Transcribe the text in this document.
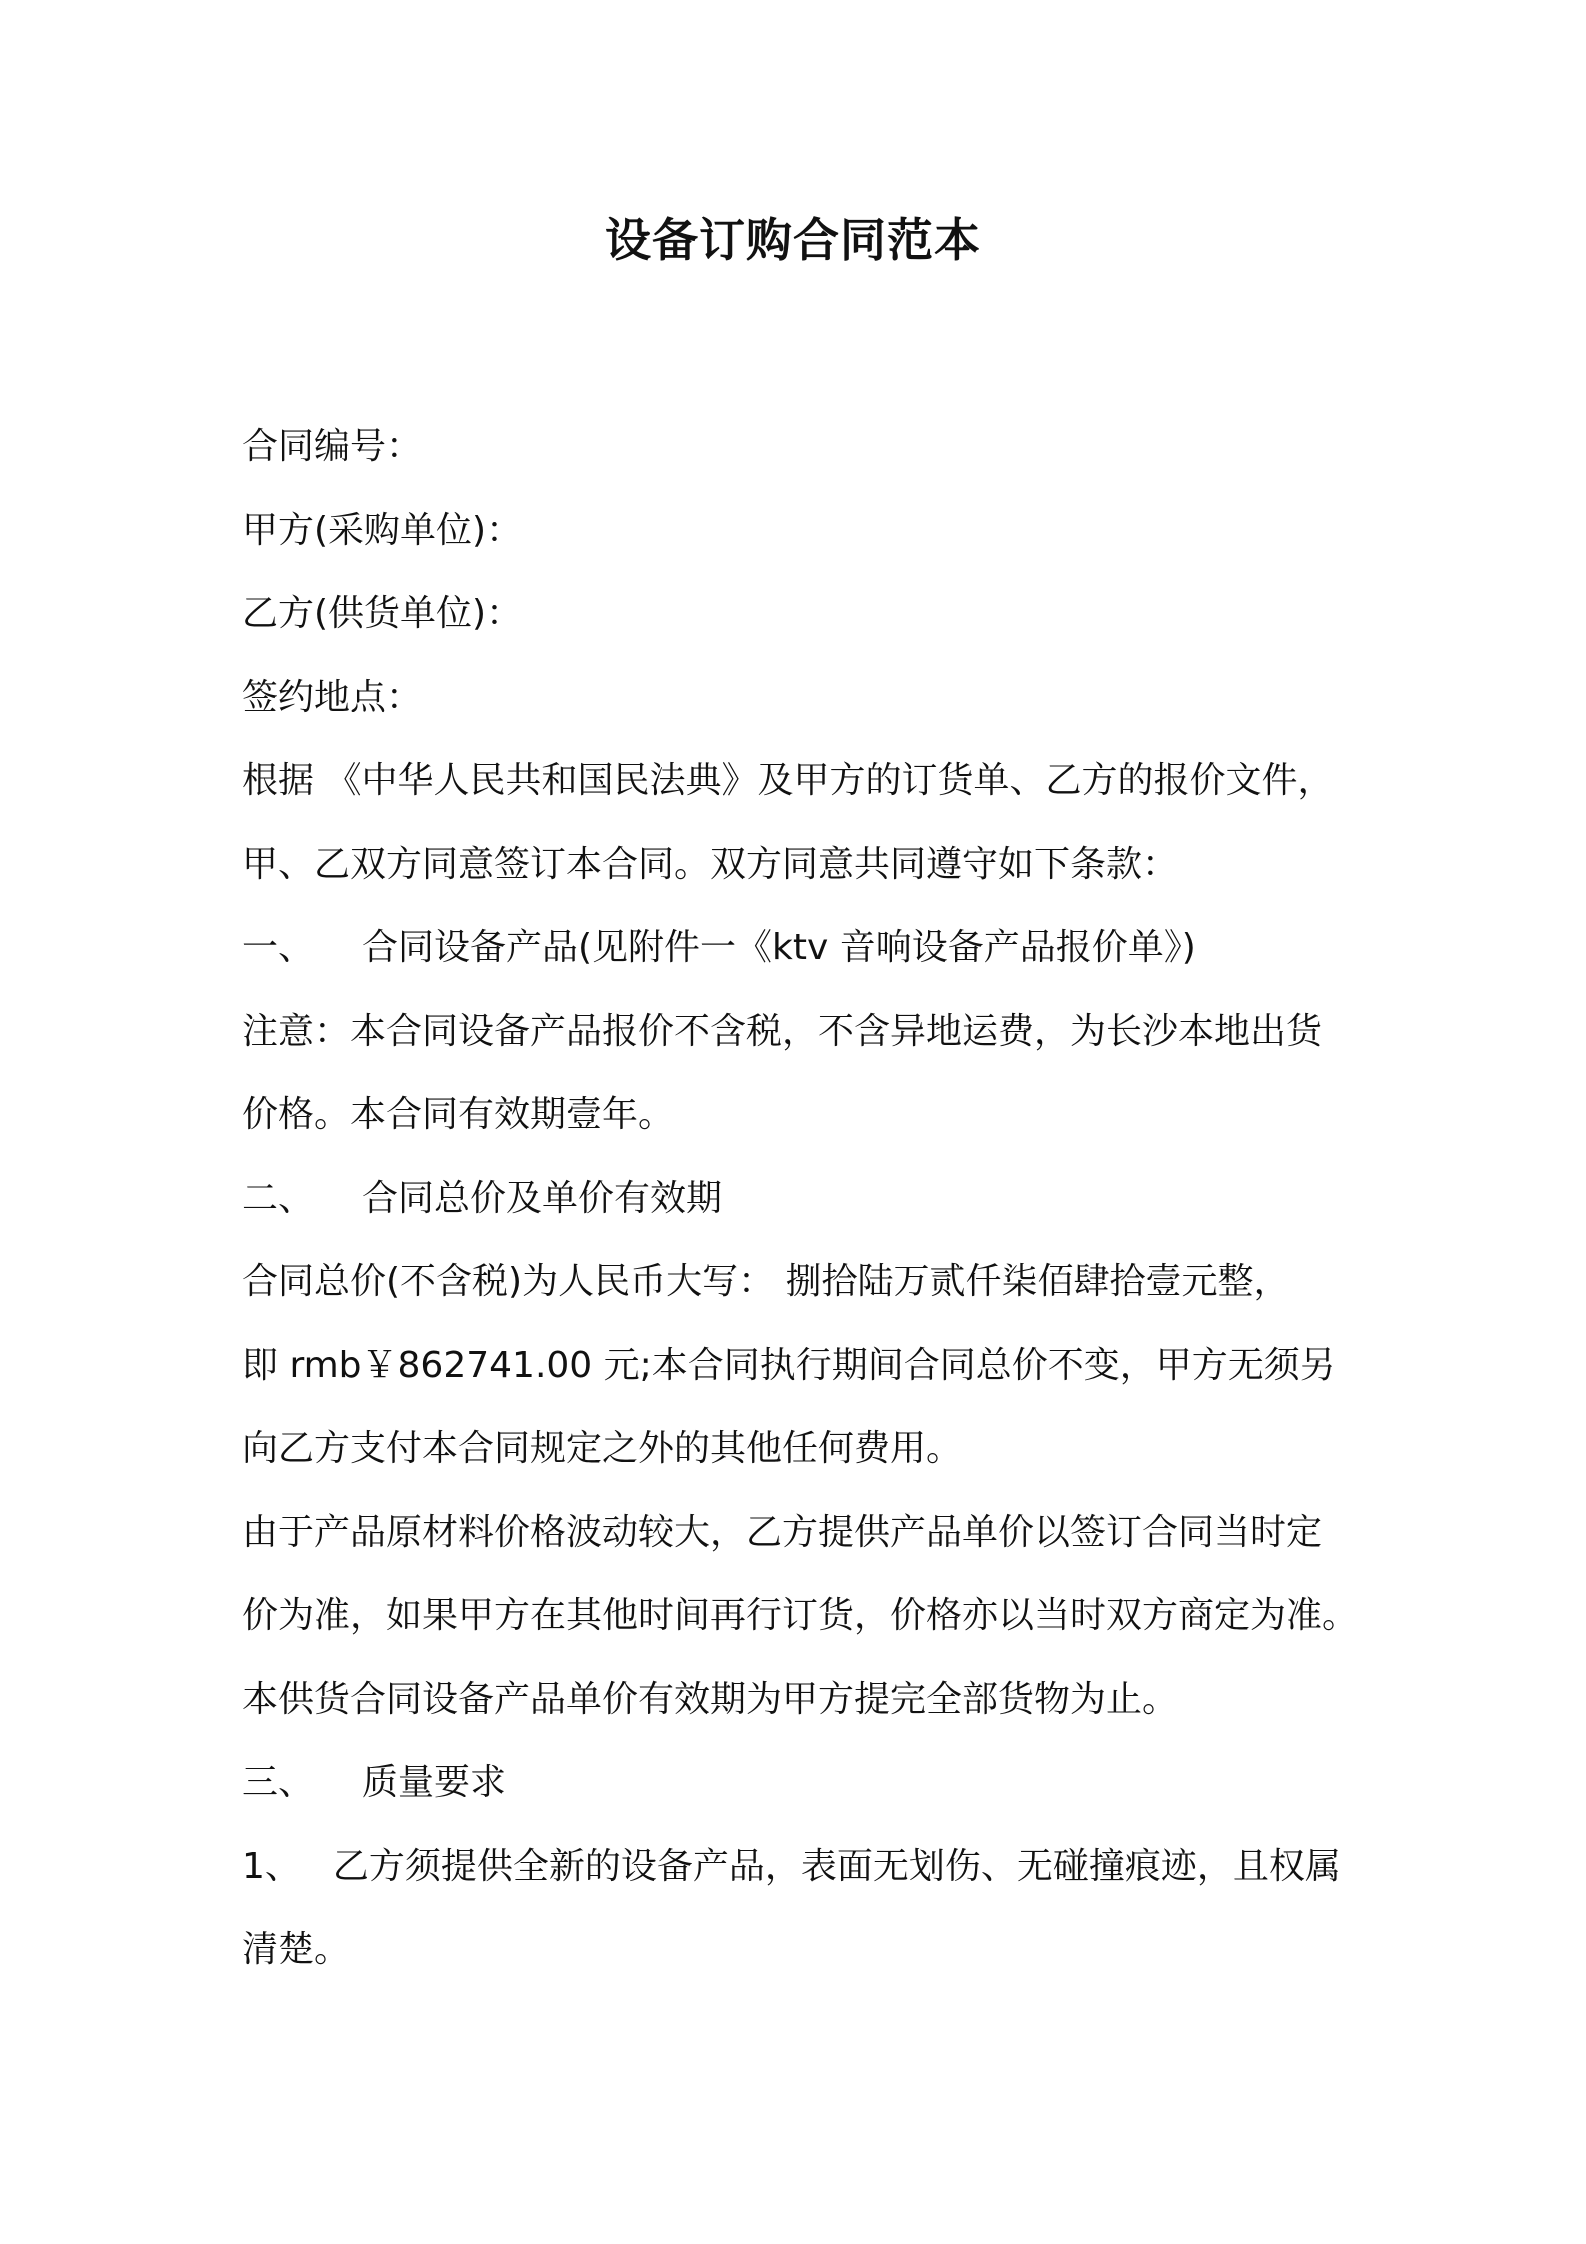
设备订购合同范本
合同编号：
甲方(采购单位)：
乙方(供货单位)：
签约地点：
根据 《中华人民共和国民法典》及甲方的订货单、乙方的报价文件，
甲、乙双方同意签订本合同。双方同意共同遵守如下条款：
一、 合同设备产品(见附件一《ktv 音响设备产品报价单》)
注意：本合同设备产品报价不含税，不含异地运费，为长沙本地出货
价格。本合同有效期壹年。
二、 合同总价及单价有效期
合同总价(不含税)为人民币大写： 捌拾陆万贰仟柒佰肆拾壹元整，
即 rmb￥862741.00 元;本合同执行期间合同总价不变，甲方无须另
向乙方支付本合同规定之外的其他任何费用。
由于产品原材料价格波动较大，乙方提供产品单价以签订合同当时定
价为准，如果甲方在其他时间再行订货，价格亦以当时双方商定为准。
本供货合同设备产品单价有效期为甲方提完全部货物为止。
三、 质量要求
1、 乙方须提供全新的设备产品，表面无划伤、无碰撞痕迹，且权属
清楚。
